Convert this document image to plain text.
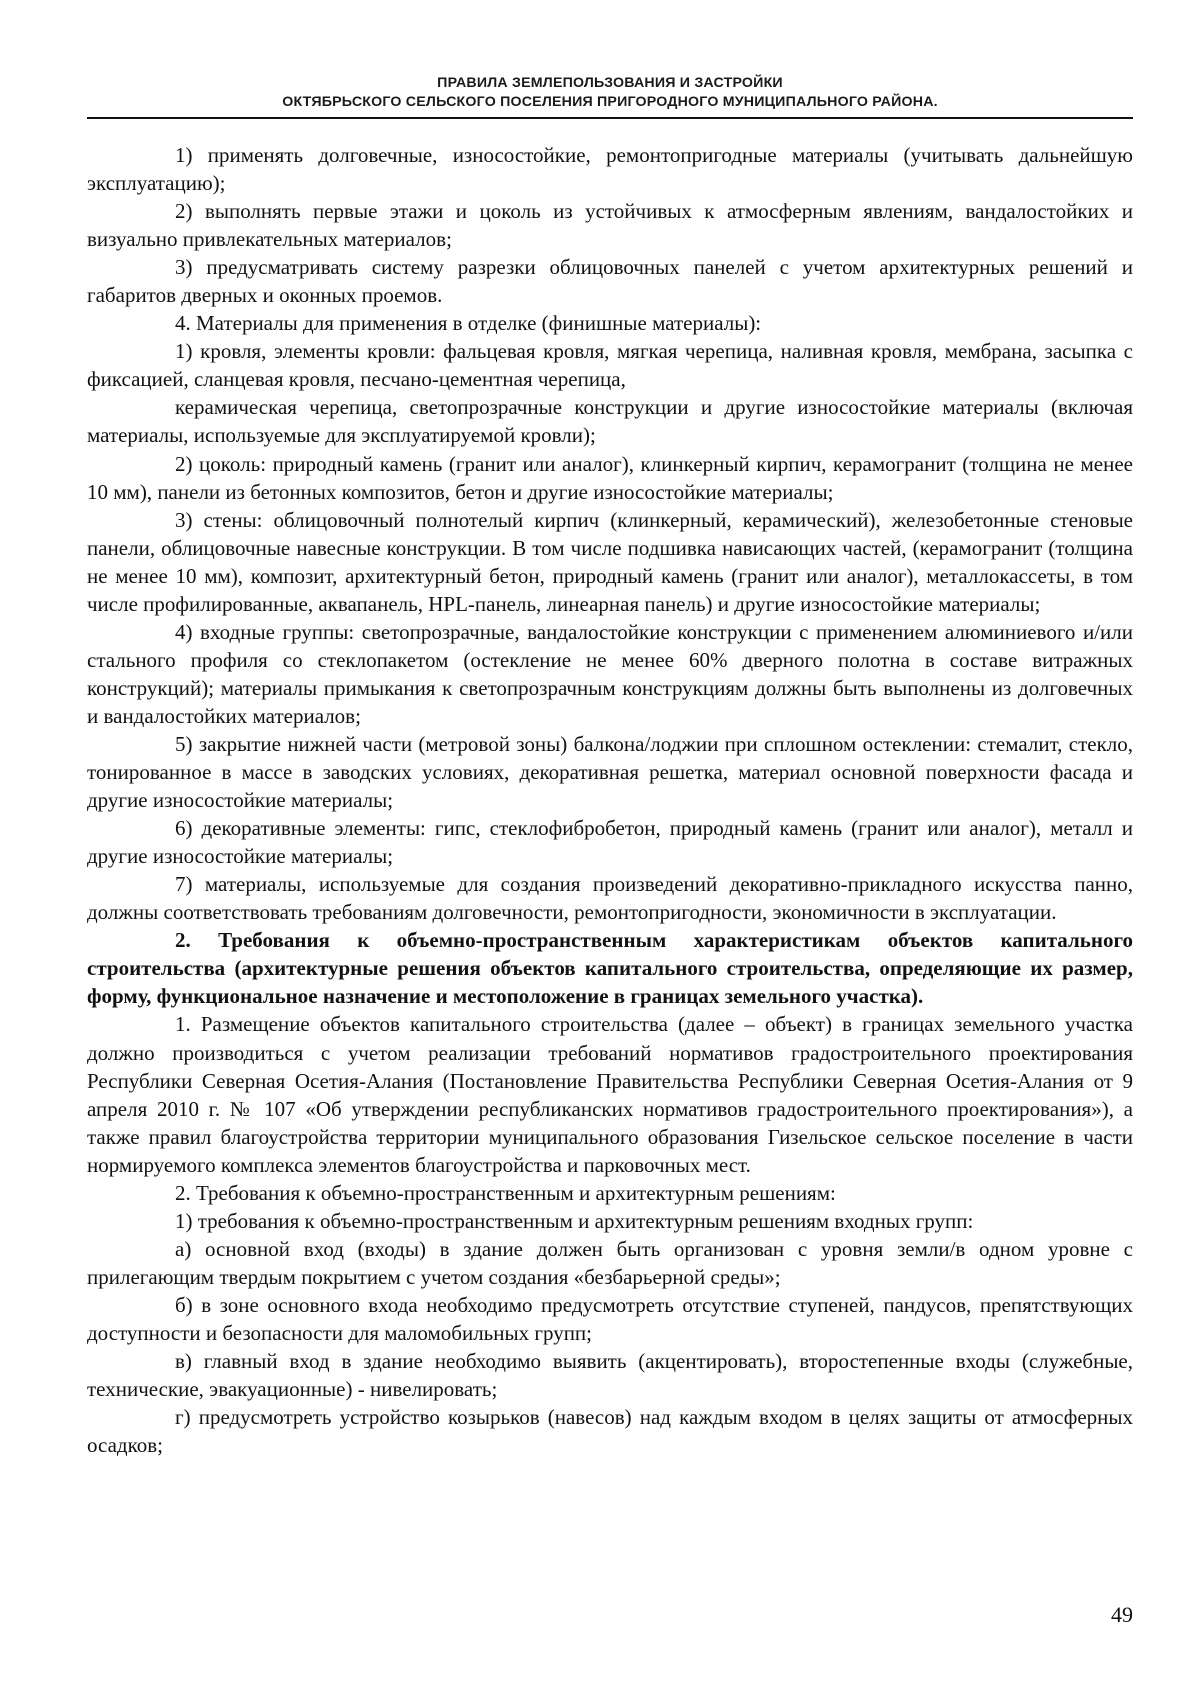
ПРАВИЛА ЗЕМЛЕПОЛЬЗОВАНИЯ И ЗАСТРОЙКИ
ОКТЯБРЬСКОГО СЕЛЬСКОГО ПОСЕЛЕНИЯ ПРИГОРОДНОГО МУНИЦИПАЛЬНОГО РАЙОНА.

1) применять долговечные, износостойкие, ремонтопригодные материалы (учитывать дальнейшую эксплуатацию);

2) выполнять первые этажи и цоколь из устойчивых к атмосферным явлениям, вандалостойких и визуально привлекательных материалов;

3) предусматривать систему разрезки облицовочных панелей с учетом архитектурных решений и габаритов дверных и оконных проемов.

4. Материалы для применения в отделке (финишные материалы):

1) кровля, элементы кровли: фальцевая кровля, мягкая черепица, наливная кровля, мембрана, засыпка с фиксацией, сланцевая кровля, песчано-цементная черепица,

керамическая черепица, светопрозрачные конструкции и другие износостойкие материалы (включая материалы, используемые для эксплуатируемой кровли);

2) цоколь: природный камень (гранит или аналог), клинкерный кирпич, керамогранит (толщина не менее 10 мм), панели из бетонных композитов, бетон и другие износостойкие материалы;

3) стены: облицовочный полнотелый кирпич (клинкерный, керамический), железобетонные стеновые панели, облицовочные навесные конструкции. В том числе подшивка нависающих частей, (керамогранит (толщина не менее 10 мм), композит, архитектурный бетон, природный камень (гранит или аналог), металлокассеты, в том числе профилированные, аквапанель, HPL-панель, линеарная панель) и другие износостойкие материалы;

4) входные группы: светопрозрачные, вандалостойкие конструкции с применением алюминиевого и/или стального профиля со стеклопакетом (остекление не менее 60% дверного полотна в составе витражных конструкций); материалы примыкания к светопрозрачным конструкциям должны быть выполнены из долговечных и вандалостойких материалов;

5) закрытие нижней части (метровой зоны) балкона/лоджии при сплошном остеклении: стемалит, стекло, тонированное в массе в заводских условиях, декоративная решетка, материал основной поверхности фасада и другие износостойкие материалы;

6) декоративные элементы: гипс, стеклофибробетон, природный камень (гранит или аналог), металл и другие износостойкие материалы;

7) материалы, используемые для создания произведений декоративно-прикладного искусства панно, должны соответствовать требованиям долговечности, ремонтопригодности, экономичности в эксплуатации.

2. Требования к объемно-пространственным характеристикам объектов капитального строительства (архитектурные решения объектов капитального строительства, определяющие их размер, форму, функциональное назначение и местоположение в границах земельного участка).

1. Размещение объектов капитального строительства (далее – объект) в границах земельного участка должно производиться с учетом реализации требований нормативов градостроительного проектирования Республики Северная Осетия-Алания (Постановление Правительства Республики Северная Осетия-Алания от 9 апреля 2010 г. № 107 «Об утверждении республиканских нормативов градостроительного проектирования»), а также правил благоустройства территории муниципального образования Гизельское сельское поселение в части нормируемого комплекса элементов благоустройства и парковочных мест.

2. Требования к объемно-пространственным и архитектурным решениям:

1) требования к объемно-пространственным и архитектурным решениям входных групп:

а) основной вход (входы) в здание должен быть организован с уровня земли/в одном уровне с прилегающим твердым покрытием с учетом создания «безбарьерной среды»;

б) в зоне основного входа необходимо предусмотреть отсутствие ступеней, пандусов, препятствующих доступности и безопасности для маломобильных групп;

в) главный вход в здание необходимо выявить (акцентировать), второстепенные входы (служебные, технические, эвакуационные) - нивелировать;

г) предусмотреть устройство козырьков (навесов) над каждым входом в целях защиты от атмосферных осадков;

49
